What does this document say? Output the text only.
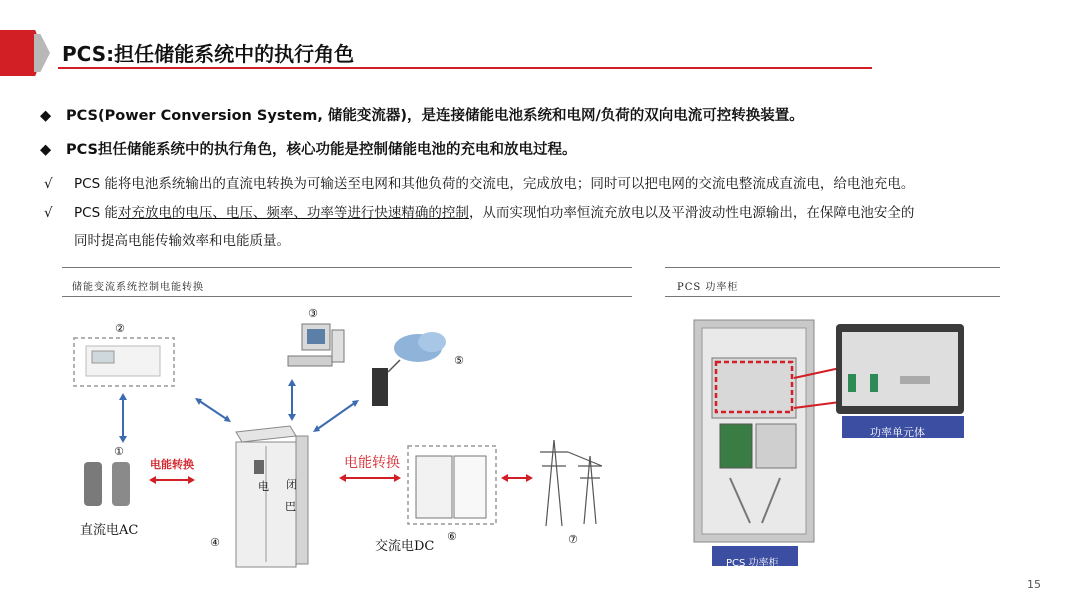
PCS:担任储能系统中的执行角色
◆ PCS(Power Conversion System, 储能变流器)，是连接储能电池系统和电网/负荷的双向电流可控转换装置。
◆ PCS担任储能系统中的执行角色，核心功能是控制储能电池的充电和放电过程。
√ PCS 能将电池系统输出的直流电转换为可输送至电网和其他负荷的交流电，完成放电；同时可以把电网的交流电整流成直流电，给电池充电。
√ PCS 能对充放电的电压、电压、频率、功率等进行快速精确的控制，从而实现怕功率恒流充放电以及平滑波动性电源输出，在保障电池安全的
同时提高电能传输效率和电能质量。
储能变流系统控制电能转换
②
③
⑤
①
④	⑥	⑦
直流电AC
交流电DC
电能转换	电能转换
电 闭
巴
PCS 功率柜
功率单元体
PCS 功率柜
15
